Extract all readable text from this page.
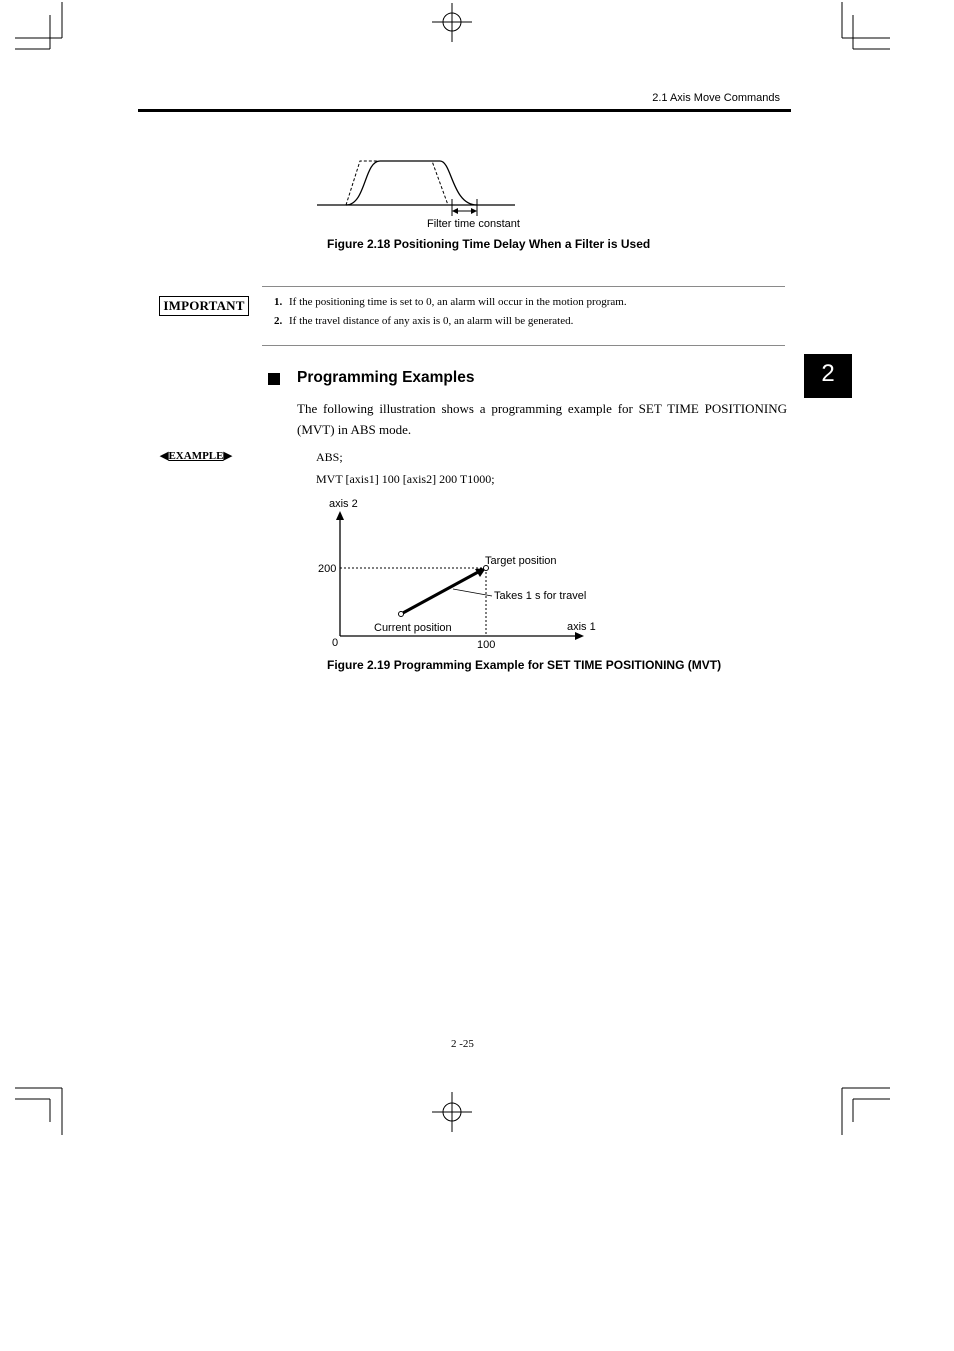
2.1 Axis Move Commands
Filter time constant
Figure 2.18 Positioning Time Delay When a Filter is Used
IMPORTANT	1. If the positioning time is set to 0, an alarm will occur in the motion program.
2. If the travel distance of any axis is 0, an alarm will be generated.
2
Programming Examples
The following illustration shows a programming example for SET TIME POSITIONING (MVT) in ABS mode.
◀EXAMPLE▶	ABS;
MVT [axis1] 100 [axis2] 200 T1000;
axis 2
200
Target position
Takes 1 s for travel
Current position	axis 1
0	100
Figure 2.19 Programming Example for SET TIME POSITIONING (MVT)
2 -25
